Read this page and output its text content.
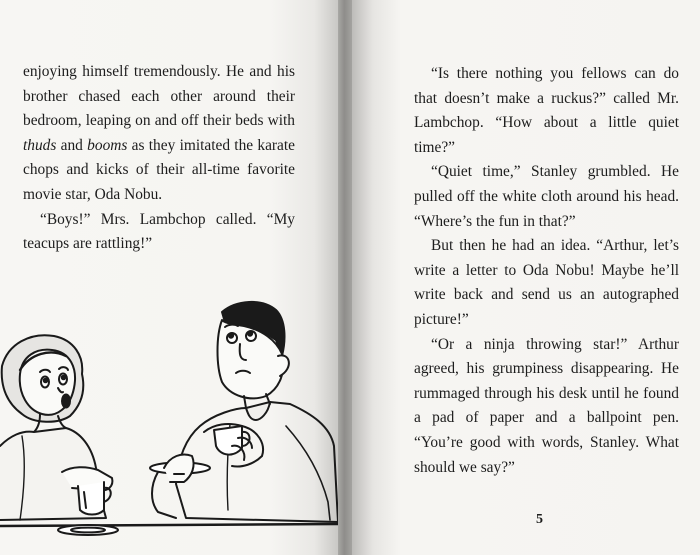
enjoying himself tremendously. He and his brother chased each other around their bedroom, leaping on and off their beds with thuds and booms as they imitated the karate chops and kicks of their all-time favorite movie star, Oda Nobu.

“Boys!” Mrs. Lambchop called. “My teacups are rattling!”

“Is there nothing you fellows can do that doesn’t make a ruckus?” called Mr. Lambchop. “How about a little quiet time?”

“Quiet time,” Stanley grumbled. He pulled off the white cloth around his head. “Where’s the fun in that?”

But then he had an idea. “Arthur, let’s write a letter to Oda Nobu! Maybe he’ll write back and send us an autographed picture!”

“Or a ninja throwing star!” Arthur agreed, his grumpiness disappearing. He rummaged through his desk until he found a pad of paper and a ballpoint pen. “You’re good with words, Stanley. What should we say?”

5
